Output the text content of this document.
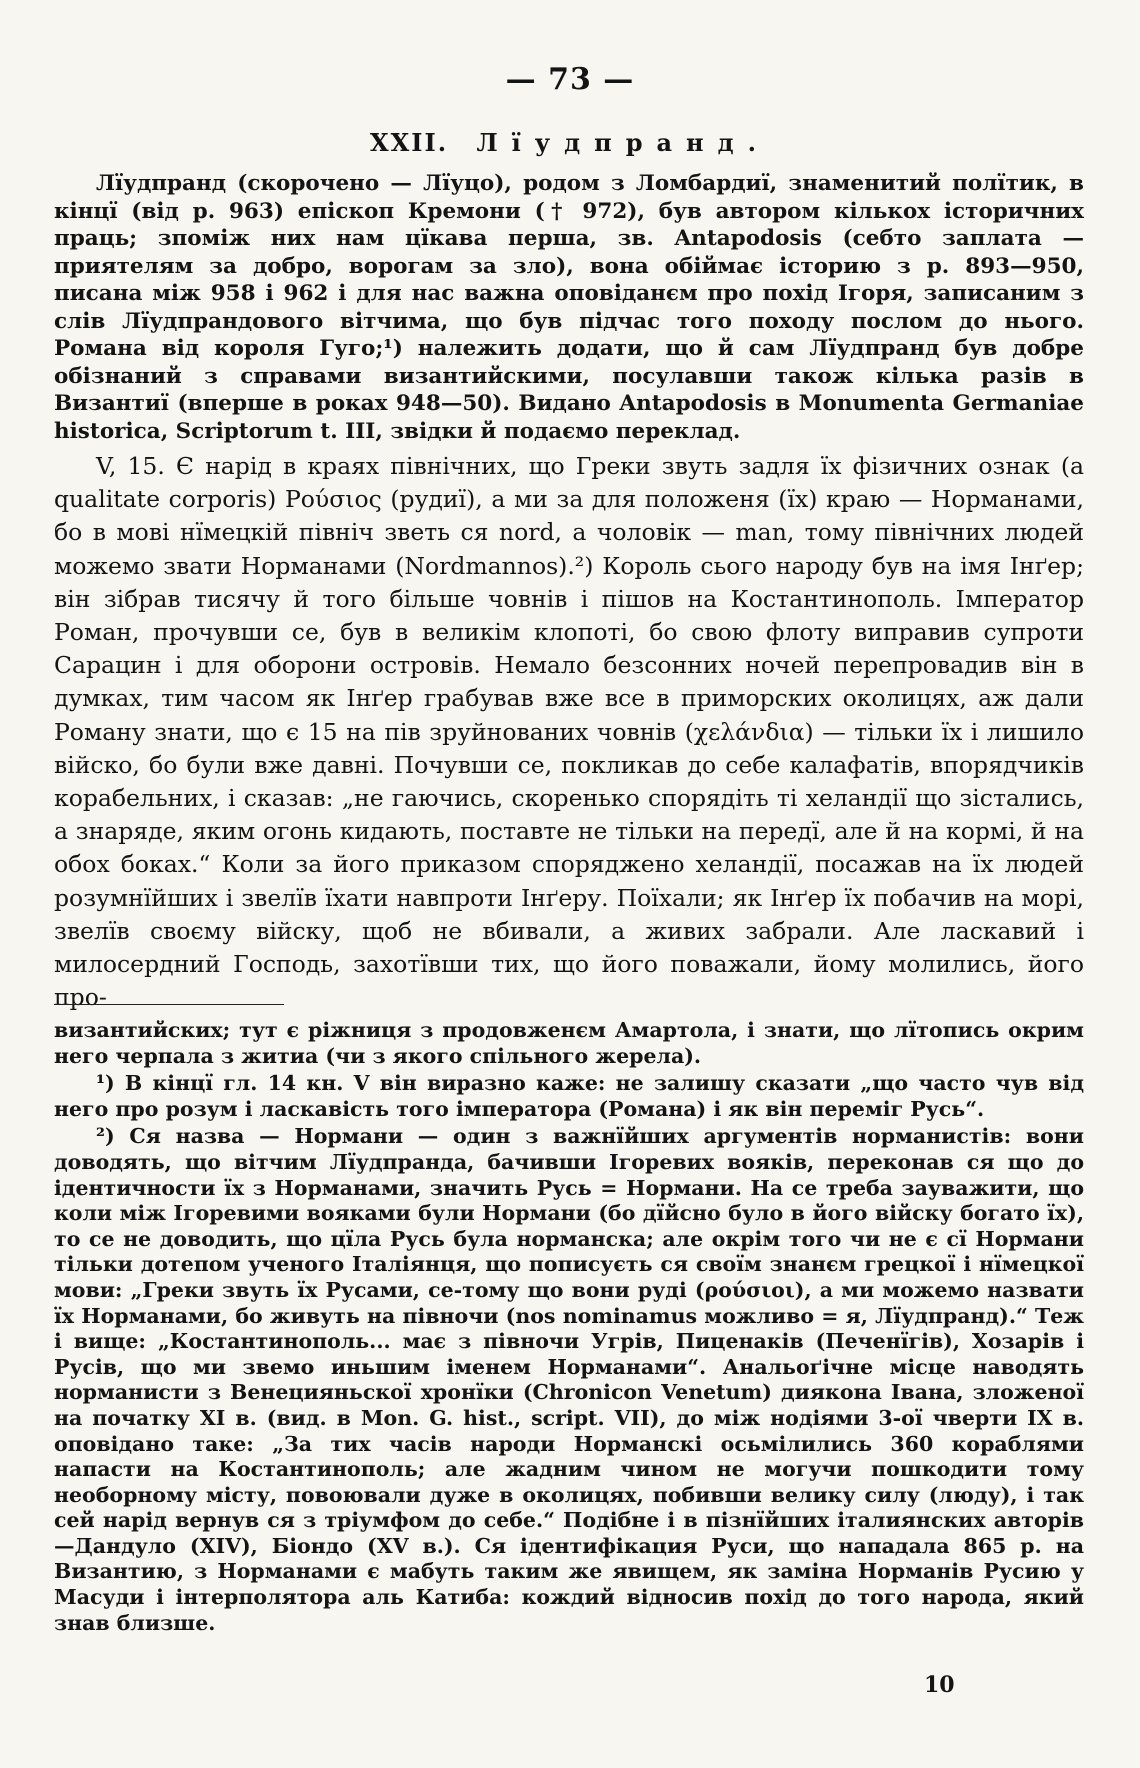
— 73 —
XXII. Лїудпранд.

Лїудпранд (скорочено — Лїуцо), родом з Ломбардиї, знаменитий полїтик, в кінцї (від р. 963) епіскоп Кремони († 972), був автором кількох історичних праць; зпоміж них нам цїкава перша, зв. Antapodosis (себто заплата — приятелям за добро, ворогам за зло), вона обіймає історию з р. 893—950, писана між 958 і 962 і для нас важна оповіданєм про похід Ігоря, записаним з слів Лїудпрандового вітчима, що був підчас того походу послом до нього. Романа від короля Гуго;¹) належить додати, що й сам Лїудпранд був добре обізнаний з справами византийскими, посулавши також кілька разів в Византиї (вперше в роках 948—50). Видано Antapodosis в Monumenta Germaniae historica, Scriptorum t. III, звідки й подаємо переклад.

V, 15. Є нарід в краях північних, що Греки звуть задля їх фізичних ознак (a qualitate corporis) Ρούσιος (рудиї), а ми за для положеня (їх) краю — Норманами, бо в мові нїмецкій північ зветь ся nord, а чоловік — man, тому північних людей можемо звати Норманами (Nordmannos).²) Король сього народу був на імя Інґер; він зібрав тисячу й того більше човнів і пішов на Костантинополь. Імператор Роман, прочувши се, був в великім клопоті, бо свою флоту виправив супроти Сарацин і для оборони островів. Немало безсонних ночей перепровадив він в думках, тим часом як Інґер грабував вже все в приморских околицях, аж дали Роману знати, що є 15 на пів зруйнованих човнів (χελάνδια) — тільки їх і лишило війско, бо були вже давні. Почувши се, покликав до себе калафатів, впорядчиків корабельних, і сказав: „не гаючись, скоренько спорядіть ті хеландії що зістались, а знаряде, яким огонь кидають, поставте не тільки на передї, але й на кормі, й на обох боках.“ Коли за його приказом споряджено хеландії, посажав на їх людей розумнїйших і звелїв їхати навпроти Інґеру. Поїхали; як Інґер їх побачив на морі, звелїв своєму війску, щоб не вбивали, а живих забрали. Але ласкавий і милосердний Господь, захотївши тих, що його поважали, йому молились, його про-

византийских; тут є ріжниця з продовженєм Амартола, і знати, що лїтопись окрим него черпала з житиа (чи з якого спільного жерела).

¹) В кінцї гл. 14 кн. V він виразно каже: не залишу сказати „що часто чув від него про розум і ласкавість того імператора (Романа) і як він переміг Русь“.

²) Ся назва — Нормани — один з важнїйших аргументів норманистів: вони доводять, що вітчим Лїудпранда, бачивши Ігоревих вояків, переконав ся що до ідентичности їх з Норманами, значить Русь = Нормани. На се треба зауважити, що коли між Ігоревими вояками були Нормани (бо дїйсно було в його війску богато їх), то се не доводить, що цїла Русь була норманска; але окрім того чи не є сї Нормани тільки дотепом ученого Італіянця, що пописуєть ся своїм знанєм грецкої і нїмецкої мови: „Греки звуть їх Русами, се-тому що вони руді (ρούσιοι), а ми можемо назвати їх Норманами, бо живуть на півночи (nos nominamus можливо = я, Лїудпранд).“ Теж і вище: „Костантинополь... має з півночи Угрів, Пиценаків (Печенїгів), Хозарів і Русів, що ми звемо иньшим іменем Норманами“. Анальоґічне місце наводять норманисти з Венецияньскої хронїки (Chronicon Venetum) дияконa Івана, зложеної на початку XI в. (вид. в Mon. G. hist., script. VII), до між нодіями 3-ої чверти IX в. оповідано таке: „За тих часів народи Норманскі осьмілились 360 кораблями напасти на Костантинополь; але жадним чином не могучи пошкодити тому необорному місту, повоювали дуже в околицях, побивши велику силу (люду), і так сей нарід вернув ся з тріумфом до себе.“ Подібне і в пізнїйших італиянских авторів—Дандуло (XIV), Біондо (XV в.). Ся ідентифікация Руси, що нападала 865 р. на Византию, з Норманами є мабуть таким же явищем, як заміна Норманів Русию у Масуди і інтерполятора аль Катиба: кождий відносив похід до того народа, який знав близше.

10
